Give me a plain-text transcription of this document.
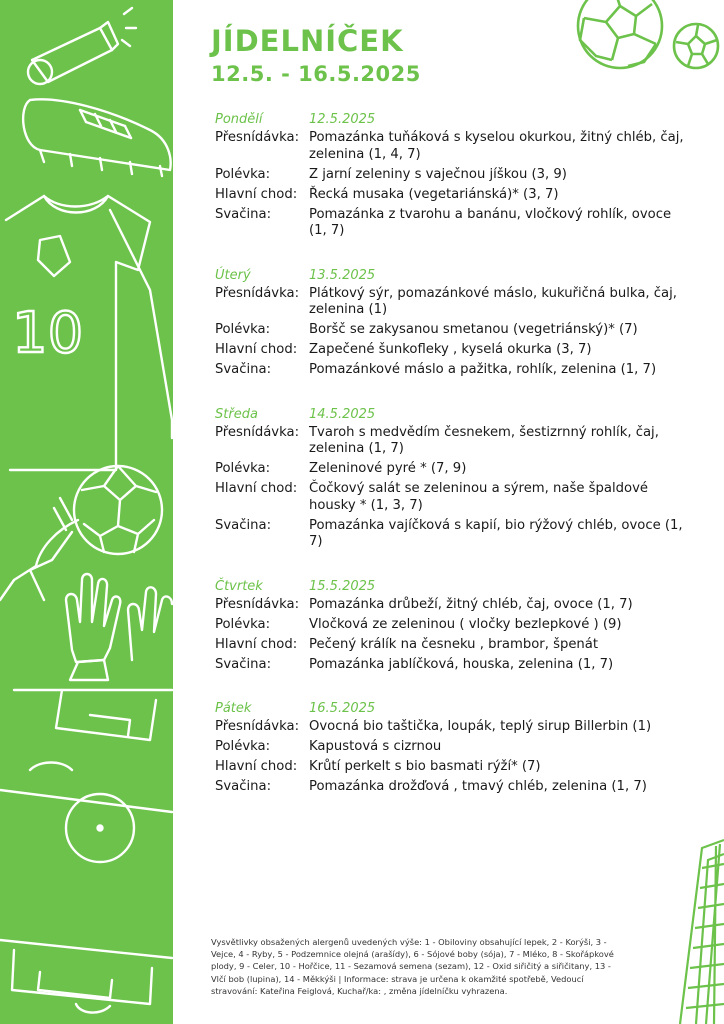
10
JÍDELNÍČEK
12.5. - 16.5.2025
Pondělí	12.5.2025
Přesnídávka: Pomazánka tuňáková s kyselou okurkou, žitný chléb, čaj, zelenina (1, 4, 7)
Polévka:	Z jarní zeleniny s vaječnou jíškou (3, 9)
Hlavní chod: Řecká musaka (vegetariánská)* (3, 7)
Svačina:	Pomazánka z tvarohu a banánu, vločkový rohlík, ovoce (1, 7)
Úterý	13.5.2025
Přesnídávka: Plátkový sýr, pomazánkové máslo, kukuřičná bulka, čaj, zelenina (1)
Polévka:	Boršč se zakysanou smetanou (vegetriánský)* (7)
Hlavní chod: Zapečené šunkofleky , kyselá okurka (3, 7)
Svačina:	Pomazánkové máslo a pažitka, rohlík, zelenina (1, 7)
Středa	14.5.2025
Přesnídávka: Tvaroh s medvědím česnekem, šestizrnný rohlík, čaj, zelenina (1, 7)
Polévka:	Zeleninové pyré * (7, 9)
Hlavní chod: Čočkový salát se zeleninou a sýrem, naše špaldové housky * (1, 3, 7)
Svačina:	Pomazánka vajíčková s kapií, bio rýžový chléb, ovoce (1, 7)
Čtvrtek	15.5.2025
Přesnídávka: Pomazánka drůbeží, žitný chléb, čaj, ovoce (1, 7)
Polévka:	Vločková ze zeleninou ( vločky bezlepkové ) (9)
Hlavní chod: Pečený králík na česneku , brambor, špenát
Svačina:	Pomazánka jablíčková, houska, zelenina (1, 7)
Pátek	16.5.2025
Přesnídávka: Ovocná bio taštička, loupák, teplý sirup Billerbin (1)
Polévka:	Kapustová s cizrnou
Hlavní chod: Krůtí perkelt s bio basmati rýží* (7)
Svačina:	Pomazánka drožďová , tmavý chléb, zelenina (1, 7)
Vysvětlivky obsažených alergenů uvedených výše: 1 - Obiloviny obsahující lepek, 2 - Korýši, 3 - Vejce, 4 - Ryby, 5 - Podzemnice olejná (arašídy), 6 - Sójové boby (sója), 7 - Mléko, 8 - Skořápkové plody, 9 - Celer, 10 - Hořčice, 11 - Sezamová semena (sezam), 12 - Oxid siřičitý a siřičitany, 13 - Vlčí bob (lupina), 14 - Měkkýši | Informace: strava je určena k okamžité spotřebě, Vedoucí stravování: Kateřina Feiglová, Kuchař/ka: , změna jídelníčku vyhrazena.
